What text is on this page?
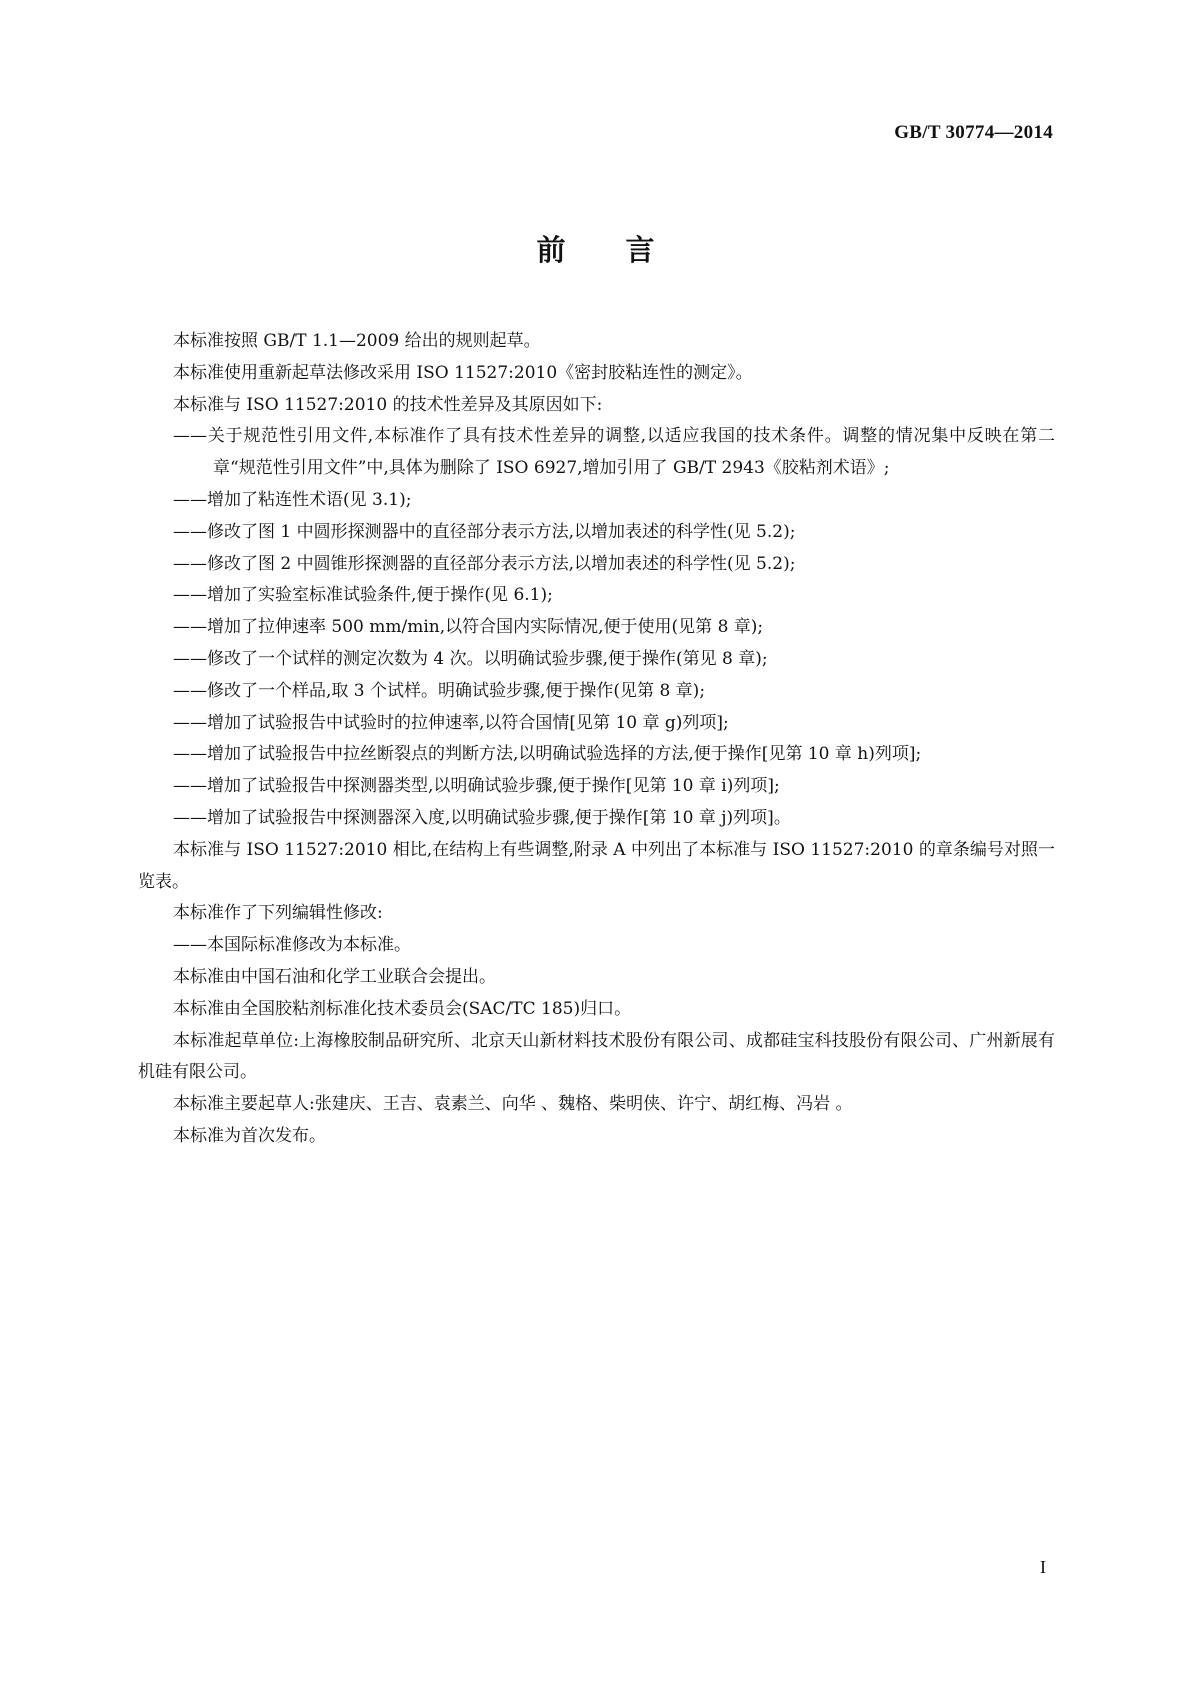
GB/T 30774—2014
前言

本标准按照 GB/T 1.1—2009 给出的规则起草。

本标准使用重新起草法修改采用 ISO 11527:2010《密封胶粘连性的测定》。

本标准与 ISO 11527:2010 的技术性差异及其原因如下:

——关于规范性引用文件,本标准作了具有技术性差异的调整,以适应我国的技术条件。调整的情况集中反映在第二章“规范性引用文件”中,具体为删除了 ISO 6927,增加引用了 GB/T 2943《胶粘剂术语》;

——增加了粘连性术语(见 3.1);

——修改了图 1 中圆形探测器中的直径部分表示方法,以增加表述的科学性(见 5.2);

——修改了图 2 中圆锥形探测器的直径部分表示方法,以增加表述的科学性(见 5.2);

——增加了实验室标准试验条件,便于操作(见 6.1);

——增加了拉伸速率 500 mm/min,以符合国内实际情况,便于使用(见第 8 章);

——修改了一个试样的测定次数为 4 次。以明确试验步骤,便于操作(第见 8 章);

——修改了一个样品,取 3 个试样。明确试验步骤,便于操作(见第 8 章);

——增加了试验报告中试验时的拉伸速率,以符合国情[见第 10 章 g)列项];

——增加了试验报告中拉丝断裂点的判断方法,以明确试验选择的方法,便于操作[见第 10 章 h)列项];

——增加了试验报告中探测器类型,以明确试验步骤,便于操作[见第 10 章 i)列项];

——增加了试验报告中探测器深入度,以明确试验步骤,便于操作[第 10 章 j)列项]。

本标准与 ISO 11527:2010 相比,在结构上有些调整,附录 A 中列出了本标准与 ISO 11527:2010 的章条编号对照一览表。

本标准作了下列编辑性修改:

——本国际标准修改为本标准。

本标准由中国石油和化学工业联合会提出。

本标准由全国胶粘剂标准化技术委员会(SAC/TC 185)归口。

本标准起草单位:上海橡胶制品研究所、北京天山新材料技术股份有限公司、成都硅宝科技股份有限公司、广州新展有机硅有限公司。

本标准主要起草人:张建庆、王吉、袁素兰、向华 、魏格、柴明侠、许宁、胡红梅、冯岩 。

本标准为首次发布。

I
